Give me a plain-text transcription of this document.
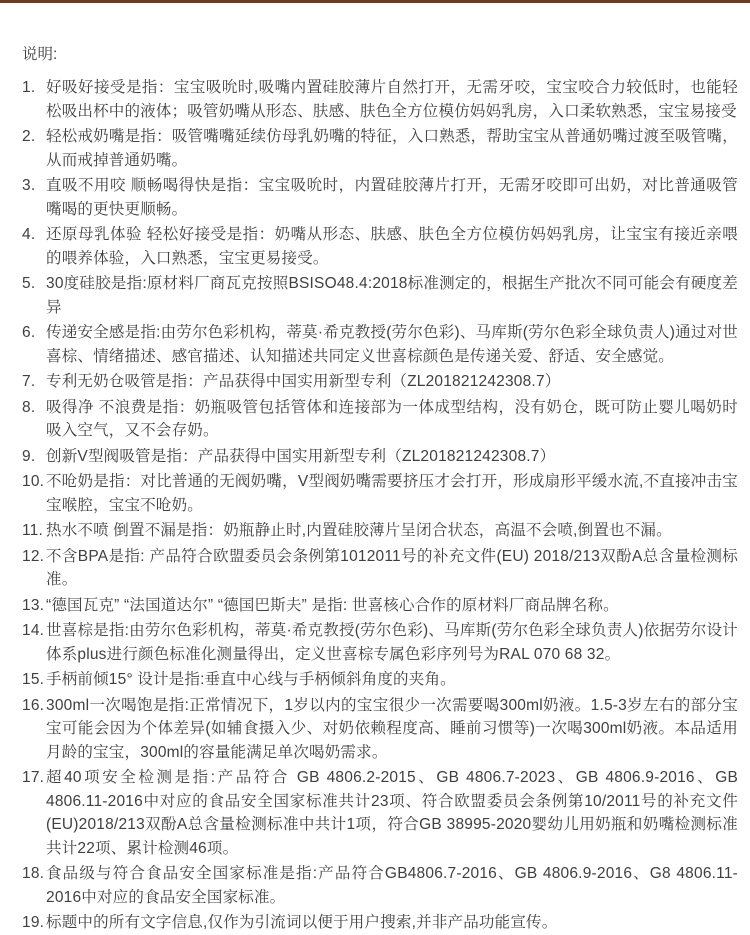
说明:
1. 好吸好接受是指：宝宝吸吮时,吸嘴内置硅胶薄片自然打开，无需牙咬，宝宝咬合力较低时，也能轻松吸出杯中的液体；吸管奶嘴从形态、肤感、肤色全方位模仿妈妈乳房，入口柔软熟悉，宝宝易接受
2. 轻松戒奶嘴是指：吸管嘴嘴延续仿母乳奶嘴的特征，入口熟悉，帮助宝宝从普通奶嘴过渡至吸管嘴，从而戒掉普通奶嘴。
3. 直吸不用咬 顺畅喝得快是指：宝宝吸吮时，内置硅胶薄片打开，无需牙咬即可出奶，对比普通吸管嘴喝的更快更顺畅。
4. 还原母乳体验 轻松好接受是指：奶嘴从形态、肤感、肤色全方位模仿妈妈乳房，让宝宝有接近亲喂的喂养体验，入口熟悉，宝宝更易接受。
5. 30度硅胶是指:原材料厂商瓦克按照BSISO48.4:2018标准测定的，根据生产批次不同可能会有硬度差异
6. 传递安全感是指:由劳尔色彩机构，蒂莫·希克教授(劳尔色彩)、马库斯(劳尔色彩全球负责人)通过对世喜棕、情绪描述、感官描述、认知描述共同定义世喜棕颜色是传递关爱、舒适、安全感觉。
7. 专利无奶仓吸管是指：产品获得中国实用新型专利（ZL201821242308.7）
8. 吸得净 不浪费是指：奶瓶吸管包括管体和连接部为一体成型结构，没有奶仓，既可防止婴儿喝奶时吸入空气，又不会存奶。
9. 创新V型阀吸管是指：产品获得中国实用新型专利（ZL201821242308.7）
10. 不呛奶是指：对比普通的无阀奶嘴，V型阀奶嘴需要挤压才会打开，形成扇形平缓水流,不直接冲击宝宝喉腔，宝宝不呛奶。
11. 热水不喷 倒置不漏是指：奶瓶静止时,内置硅胶薄片呈闭合状态，高温不会喷,倒置也不漏。
12. 不含BPA是指: 产品符合欧盟委员会条例第1012011号的补充文件(EU) 2018/213双酚A总含量检测标准。
13. “德国瓦克” “法国道达尔” “德国巴斯夫” 是指: 世喜核心合作的原材料厂商品牌名称。
14. 世喜棕是指:由劳尔色彩机构，蒂莫·希克教授(劳尔色彩)、马库斯(劳尔色彩全球负责人)依据劳尔设计体系plus进行颜色标准化测量得出，定义世喜棕专属色彩序列号为RAL 070 68 32。
15. 手柄前倾15° 设计是指:垂直中心线与手柄倾斜角度的夹角。
16. 300ml一次喝饱是指:正常情况下，1岁以内的宝宝很少一次需要喝300ml奶液。1.5-3岁左右的部分宝宝可能会因为个体差异(如辅食摄入少、对奶依赖程度高、睡前习惯等)一次喝300ml奶液。本品适用月龄的宝宝，300ml的容量能满足单次喝奶需求。
17. 超40项安全检测是指:产品符合 GB 4806.2-2015、GB 4806.7-2023、GB 4806.9-2016、GB 4806.11-2016中对应的食品安全国家标准共计23项、符合欧盟委员会条例第10/2011号的补充文件(EU)2018/213双酚A总含量检测标准中共计1项，符合GB 38995-2020婴幼儿用奶瓶和奶嘴检测标准共计22项、累计检测46项。
18. 食品级与符合食品安全国家标准是指:产品符合GB4806.7-2016、GB 4806.9-2016、G8 4806.11-2016中对应的食品安全国家标准。
19. 标题中的所有文字信息,仅作为引流词以便于用户搜索,并非产品功能宣传。
